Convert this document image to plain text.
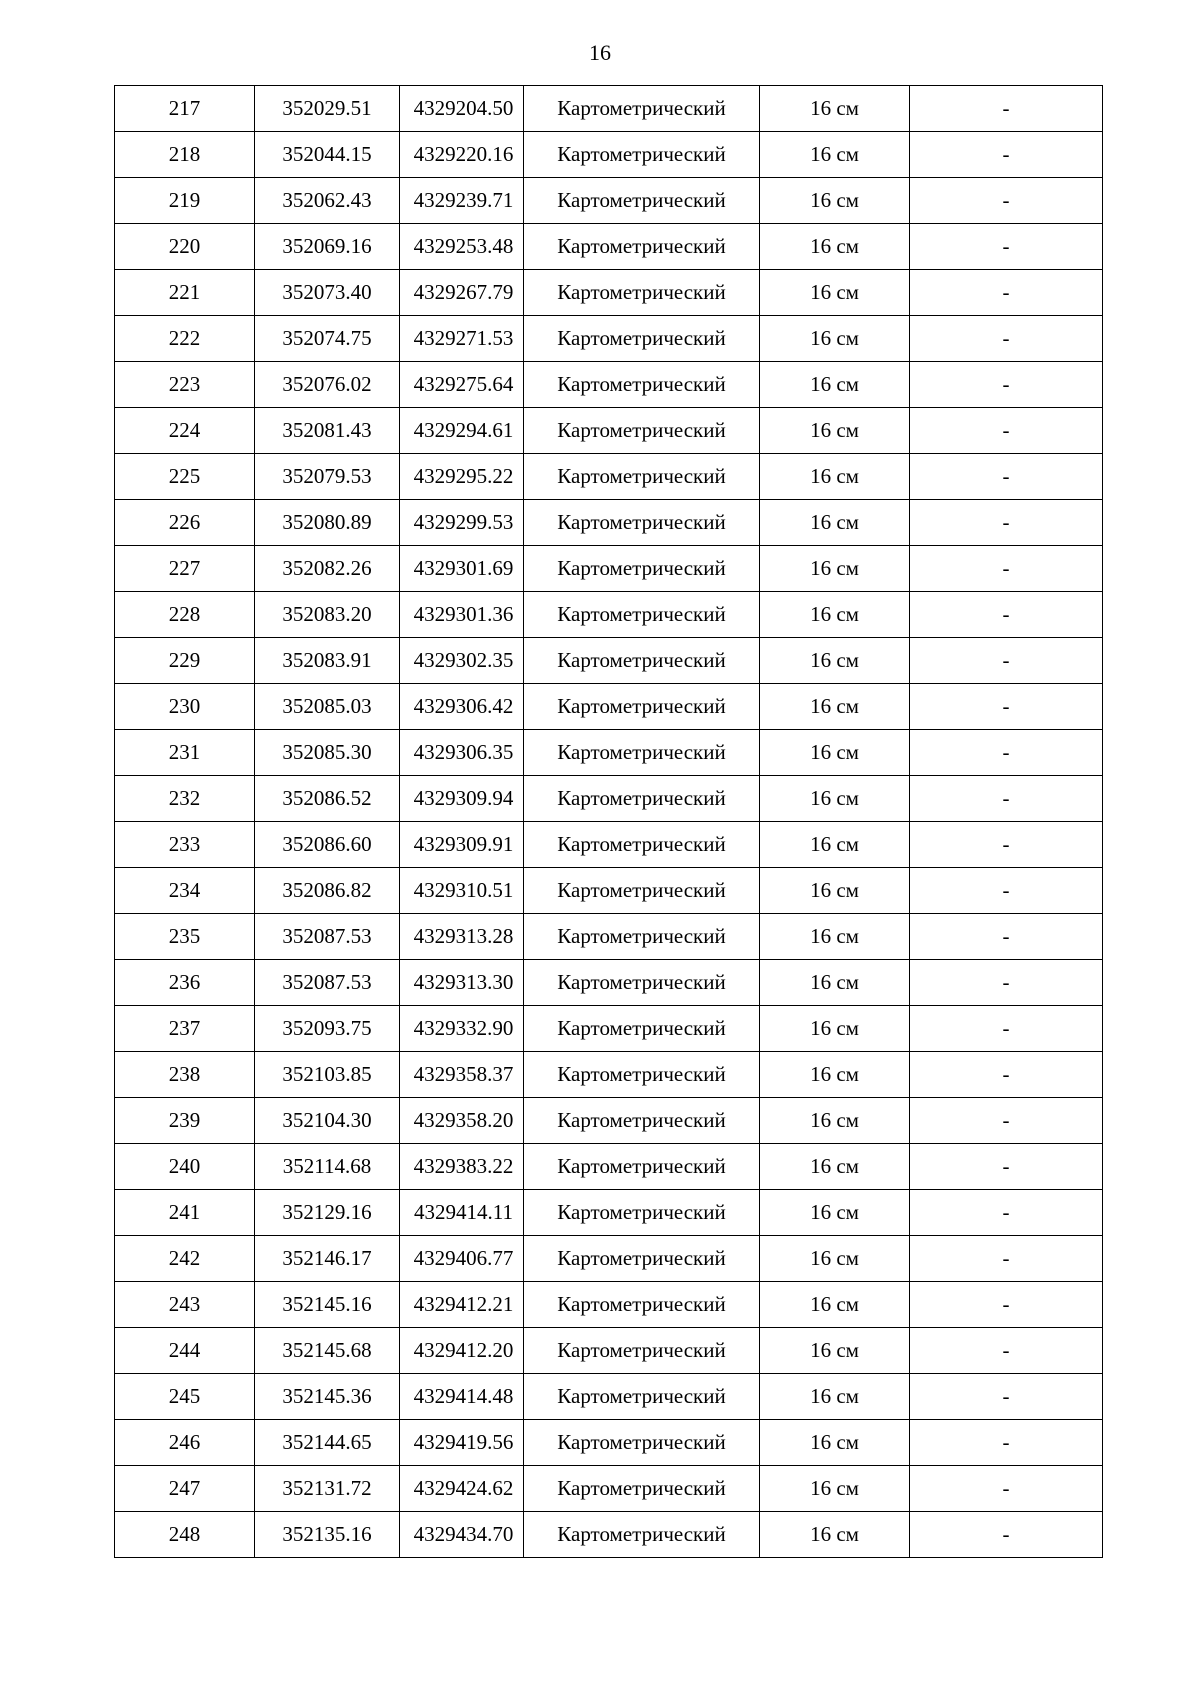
16
217	352029.51	4329204.50	Картометрический	16 см	-
218	352044.15	4329220.16	Картометрический	16 см	-
219	352062.43	4329239.71	Картометрический	16 см	-
220	352069.16	4329253.48	Картометрический	16 см	-
221	352073.40	4329267.79	Картометрический	16 см	-
222	352074.75	4329271.53	Картометрический	16 см	-
223	352076.02	4329275.64	Картометрический	16 см	-
224	352081.43	4329294.61	Картометрический	16 см	-
225	352079.53	4329295.22	Картометрический	16 см	-
226	352080.89	4329299.53	Картометрический	16 см	-
227	352082.26	4329301.69	Картометрический	16 см	-
228	352083.20	4329301.36	Картометрический	16 см	-
229	352083.91	4329302.35	Картометрический	16 см	-
230	352085.03	4329306.42	Картометрический	16 см	-
231	352085.30	4329306.35	Картометрический	16 см	-
232	352086.52	4329309.94	Картометрический	16 см	-
233	352086.60	4329309.91	Картометрический	16 см	-
234	352086.82	4329310.51	Картометрический	16 см	-
235	352087.53	4329313.28	Картометрический	16 см	-
236	352087.53	4329313.30	Картометрический	16 см	-
237	352093.75	4329332.90	Картометрический	16 см	-
238	352103.85	4329358.37	Картометрический	16 см	-
239	352104.30	4329358.20	Картометрический	16 см	-
240	352114.68	4329383.22	Картометрический	16 см	-
241	352129.16	4329414.11	Картометрический	16 см	-
242	352146.17	4329406.77	Картометрический	16 см	-
243	352145.16	4329412.21	Картометрический	16 см	-
244	352145.68	4329412.20	Картометрический	16 см	-
245	352145.36	4329414.48	Картометрический	16 см	-
246	352144.65	4329419.56	Картометрический	16 см	-
247	352131.72	4329424.62	Картометрический	16 см	-
248	352135.16	4329434.70	Картометрический	16 см	-
